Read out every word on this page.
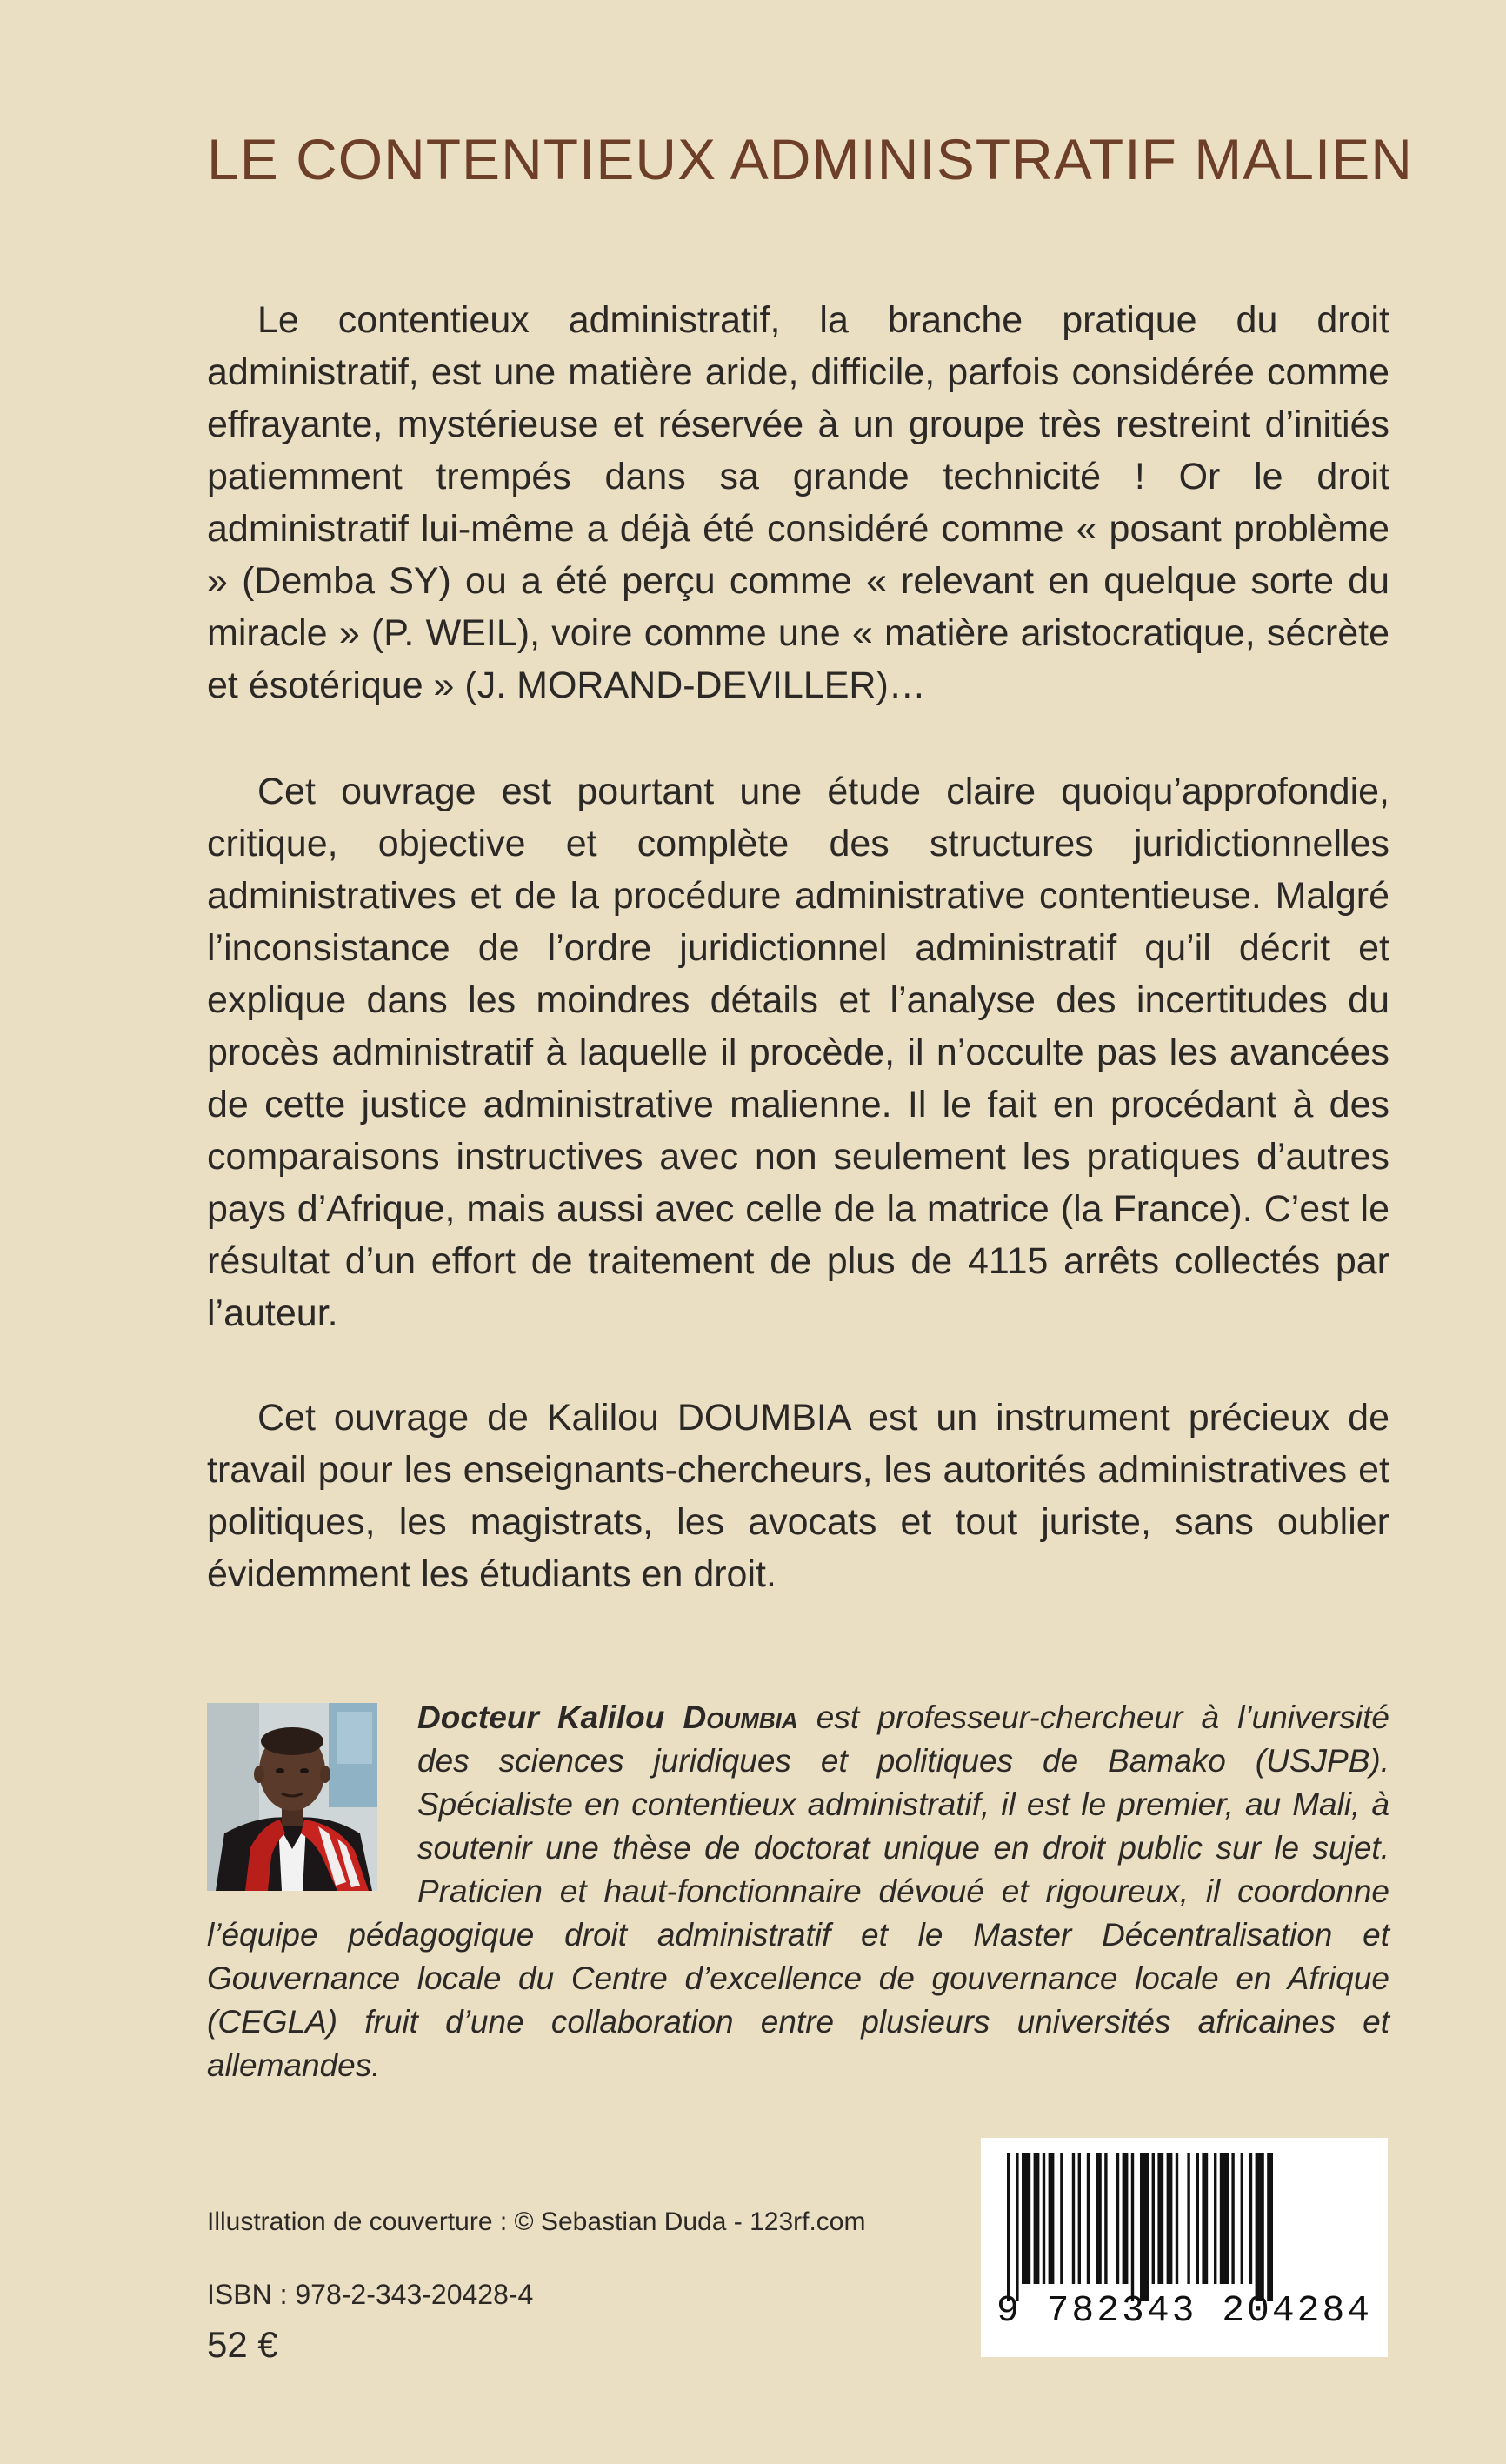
LE CONTENTIEUX ADMINISTRATIF MALIEN

Le contentieux administratif, la branche pratique du droit administratif, est une matière aride, difficile, parfois considérée comme effrayante, mystérieuse et réservée à un groupe très restreint d’initiés patiemment trempés dans sa grande technicité ! Or le droit administratif lui-même a déjà été considéré comme « posant problème » (Demba SY) ou a été perçu comme « relevant en quelque sorte du miracle » (P. WEIL), voire comme une « matière aristocratique, sécrète et ésotérique » (J. MORAND-DEVILLER)…

Cet ouvrage est pourtant une étude claire quoiqu’approfondie, critique, objective et complète des structures juridictionnelles administratives et de la procédure administrative contentieuse. Malgré l’inconsistance de l’ordre juridictionnel administratif qu’il décrit et explique dans les moindres détails et l’analyse des incertitudes du procès administratif à laquelle il procède, il n’occulte pas les avancées de cette justice administrative malienne. Il le fait en procédant à des comparaisons instructives avec non seulement les pratiques d’autres pays d’Afrique, mais aussi avec celle de la matrice (la France). C’est le résultat d’un effort de traitement de plus de 4115 arrêts collectés par l’auteur.

Cet ouvrage de Kalilou DOUMBIA est un instrument précieux de travail pour les enseignants-chercheurs, les autorités administratives et politiques, les magistrats, les avocats et tout juriste, sans oublier évidemment les étudiants en droit.

Docteur Kalilou Doumbia est professeur-chercheur à l’université des sciences juridiques et politiques de Bamako (USJPB). Spécialiste en contentieux administratif, il est le premier, au Mali, à soutenir une thèse de doctorat unique en droit public sur le sujet. Praticien et haut-fonctionnaire dévoué et rigoureux, il coordonne l’équipe pédagogique droit administratif et le Master Décentralisation et Gouvernance locale du Centre d’excellence de gouvernance locale en Afrique (CEGLA) fruit d’une collaboration entre plusieurs universités africaines et allemandes.

Illustration de couverture : © Sebastian Duda - 123rf.com
ISBN : 978-2-343-20428-4
52 €
9 782343 204284
